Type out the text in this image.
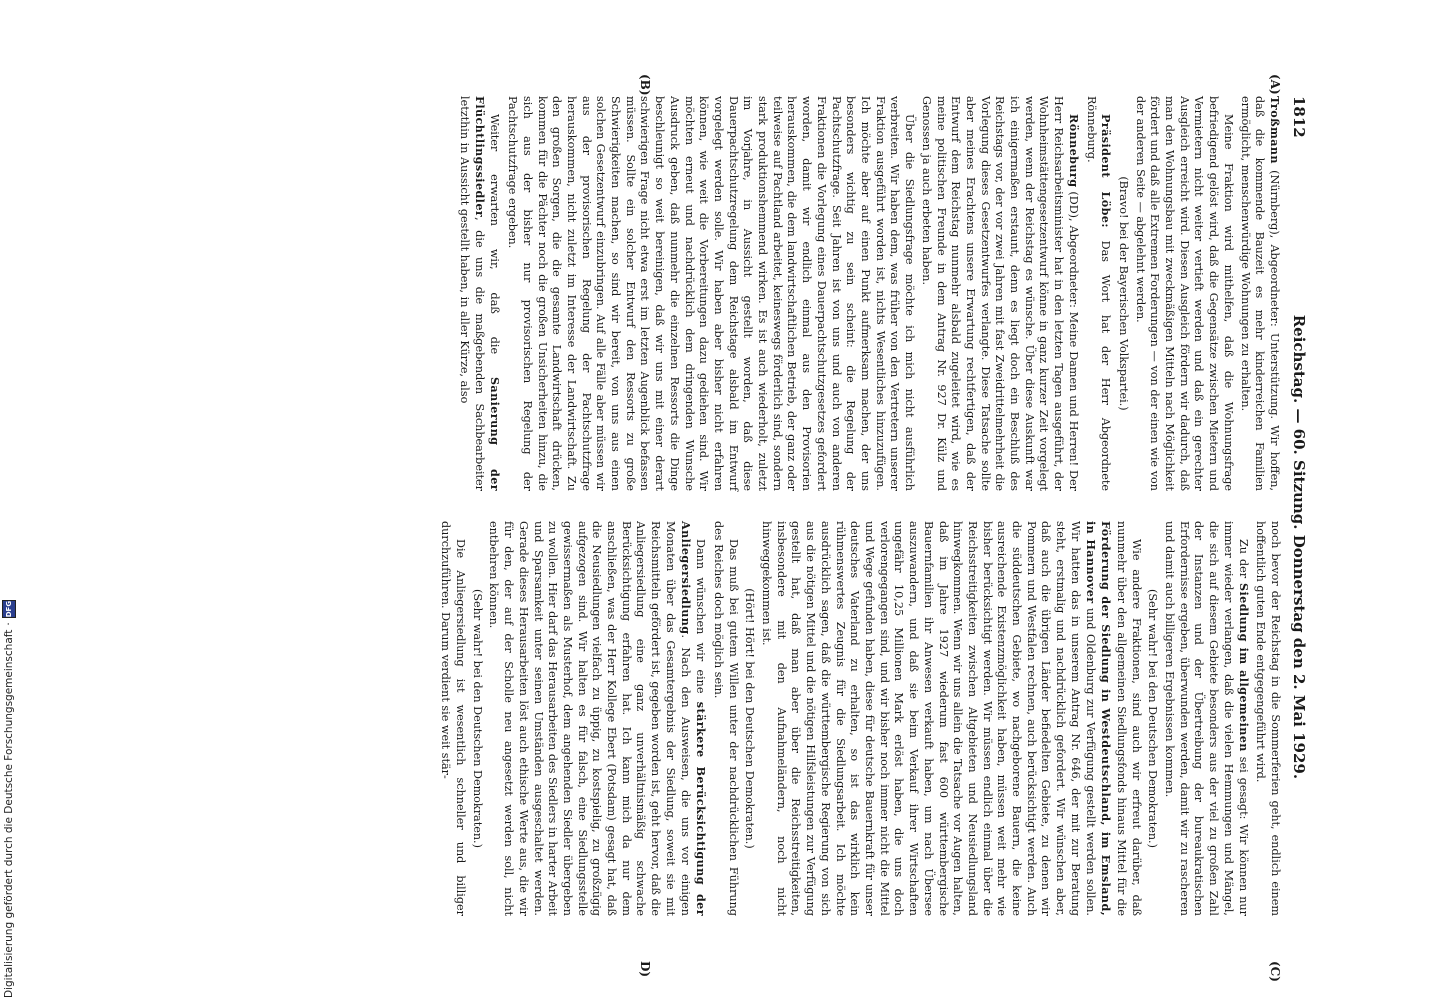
1812
Reichstag. — 60. Sitzung. Donnerstag den 2. Mai 1929.
(A)
(B)
(C)
D)

Troßmann (Nürnberg), Abgeordneter: Unterstützung. Wir hoffen, daß die kommende Bauzeit es mehr kinderreichen Familien ermöglicht, menschenwürdige Wohnungen zu erhalten.

Meine Fraktion wird mithelfen, daß die Wohnungsfrage befriedigend gelöst wird, daß die Gegensätze zwischen Mietern und Vermietern nicht weiter vertieft werden und daß ein gerechter Ausgleich erreicht wird. Diesen Ausgleich fördern wir dadurch, daß man den Wohnungsbau mit zweckmäßigen Mitteln nach Möglichkeit fördert und daß alle Extremen Forderungen — von der einen wie von der anderen Seite — abgelehnt werden.

(Bravo! bei der Bayerischen Volkspartei.)

Präsident Löbe: Das Wort hat der Herr Abgeordnete Rönneburg.

Rönneburg (DD), Abgeordneter: Meine Damen und Herren! Der Herr Reichsarbeitsminister hat in den letzten Tagen ausgeführt, der Wohnheimstättengesetzentwurf könne in ganz kurzer Zeit vorgelegt werden, wenn der Reichstag es wünsche. Über diese Auskunft war ich einigermaßen erstaunt, denn es liegt doch ein Beschluß des Reichstags vor, der vor zwei Jahren mit fast Zweidrittelmehrheit die Vorlegung dieses Gesetzentwurfes verlangte. Diese Tatsache sollte aber meines Erachtens unsere Erwartung rechtfertigen, daß der Entwurf dem Reichstag nunmehr alsbald zugeleitet wird, wie es meine politischen Freunde in dem Antrag Nr. 927 Dr. Külz und Genossen ja auch erbeten haben.

Über die Siedlungsfrage möchte ich mich nicht ausführlich verbreiten. Wir haben dem, was früher von den Vertretern unserer Fraktion ausgeführt worden ist, nichts Wesentliches hinzuzufügen. Ich möchte aber auf einen Punkt aufmerksam machen, der uns besonders wichtig zu sein scheint: die Regelung der Pachtschutzfrage. Seit Jahren ist von uns und auch von anderen Fraktionen die Vorlegung eines Dauerpachtschutzgesetzes gefordert worden, damit wir endlich einmal aus den Provisorien herauskommen, die dem landwirtschaftlichen Betrieb, der ganz oder teilweise auf Pachtland arbeitet, keineswegs förderlich sind, sondern stark produktionshemmend wirken. Es ist auch wiederholt, zuletzt im Vorjahre, in Aussicht gestellt worden, daß diese Dauerpachtschutzregelung dem Reichstage alsbald im Entwurf vorgelegt werden solle. Wir haben aber bisher nicht erfahren können, wie weit die Vorbereitungen dazu gediehen sind. Wir möchten erneut und nachdrücklich dem dringenden Wunsche Ausdruck geben, daß nunmehr die einzelnen Ressorts die Dinge beschleunigt so weit bereinigen, daß wir uns mit einer derart schwierigen Frage nicht etwa erst im letzten Augenblick befassen müssen. Sollte ein solcher Entwurf den Ressorts zu große Schwierigkeiten machen, so sind wir bereit, von uns aus einen solchen Gesetzentwurf einzubringen. Auf alle Fälle aber müssen wir aus der provisorischen Regelung der Pachtschutzfrage herauskommen, nicht zuletzt im Interesse der Landwirtschaft. Zu den großen Sorgen, die die gesamte Landwirtschaft drücken, kommen für die Pächter noch die großen Unsicherheiten hinzu, die sich aus der bisher nur provisorischen Regelung der Pachtschutzfrage ergeben.

Weiter erwarten wir, daß die Sanierung der Flüchtlingssiedler, die uns die maßgebenden Sachbearbeiter letzthin in Aussicht gestellt haben, in aller Kürze, also

noch bevor der Reichstag in die Sommerferien geht, endlich einem hoffentlich guten Ende entgegengeführt wird.

Zu der Siedlung im allgemeinen sei gesagt: Wir können nur immer wieder verlangen, daß die vielen Hemmungen und Mängel, die sich auf diesem Gebiete besonders aus der viel zu großen Zahl der Instanzen und der Übertreibung der bureaukratischen Erfordernisse ergeben, überwunden werden, damit wir zu rascheren und damit auch billigeren Ergebnissen kommen.

(Sehr wahr! bei den Deutschen Demokraten.)

Wie andere Fraktionen, sind auch wir erfreut darüber, daß nunmehr über den allgemeinen Siedlungsfonds hinaus Mittel für die Förderung der Siedlung in Westdeutschland, im Emsland, in Hannover und Oldenburg zur Verfügung gestellt werden sollen. Wir hatten das in unserem Antrag Nr. 646, der mit zur Beratung steht, erstmalig und nachdrücklich gefordert. Wir wünschen aber, daß auch die übrigen Länder befiedelten Gebiete, zu denen wir Pommern und Westfalen rechnen, auch berücksichtigt werden. Auch die süddeutschen Gebiete, wo nachgeborene Bauern, die keine ausreichende Existenzmöglichkeit haben, müssen weit mehr wie bisher berücksichtigt werden. Wir müssen endlich einmal über die Reichsstreitigkeiten zwischen Altgebieten und Neusiedlungsland hinwegkommen. Wenn wir uns allein die Tatsache vor Augen halten, daß im Jahre 1927 wiederum fast 600 württembergische Bauernfamilien ihr Anwesen verkauft haben, um nach Übersee auszuwandern, und daß sie beim Verkauf ihrer Wirtschaften ungefähr 10,25 Millionen Mark erlöst haben, die uns doch verlorengegangen sind, und wir bisher noch immer nicht die Mittel und Wege gefunden haben, diese für deutsche Bauernkraft für unser deutsches Vaterland zu erhalten, so ist das wirklich kein rühmenswertes Zeugnis für die Siedlungsarbeit. Ich möchte ausdrücklich sagen, daß die württembergische Regierung von sich aus die nötigen Mittel und die nötigen Hilfsleistungen zur Verfügung gestellt hat, daß man aber über die Reichsstreitigkeiten, insbesondere mit den Aufnahmeländern, noch nicht hinweggekommen ist.

(Hört! Hört! bei den Deutschen Demokraten.)

Das muß bei gutem Willen unter der nachdrücklichen Führung des Reiches doch möglich sein.

Dann wünschen wir eine stärkere Berücksichtigung der Anliegersiedlung. Nach den Ausweisen, die uns vor einigen Monaten über das Gesamtergebnis der Siedlung, soweit sie mit Reichsmitteln gefördert ist, gegeben worden ist, geht hervor, daß die Anliegersiedlung eine ganz unverhältnismäßig schwache Berücksichtigung erfahren hat. Ich kann mich da nur dem anschließen, was der Herr Kollege Ebert (Potsdam) gesagt hat, daß die Neusiedlungen vielfach zu üppig, zu kostspielig, zu großzügig aufgezogen sind. Wir halten es für falsch, eine Siedlungsstelle gewissermaßen als Musterhof, dem angehenden Siedler übergeben zu wollen. Hier darf das Herausarbeiten des Siedlers in harter Arbeit und Sparsamkeit unter seinen Umständen ausgeschaltet werden. Gerade dieses Herausarbeiten löst auch ethische Werte aus, die wir für den, der auf der Scholle neu angesetzt werden soll, nicht entbehren können.

(Sehr wahr! bei den Deutschen Demokraten.)

Die Anliegersiedlung ist wesentlich schneller und billiger durchzuführen. Darum verdient sie weit stär-

Digitalisierung gefördert durch die Deutsche Forschungsgemeinschaft
·
DFG
